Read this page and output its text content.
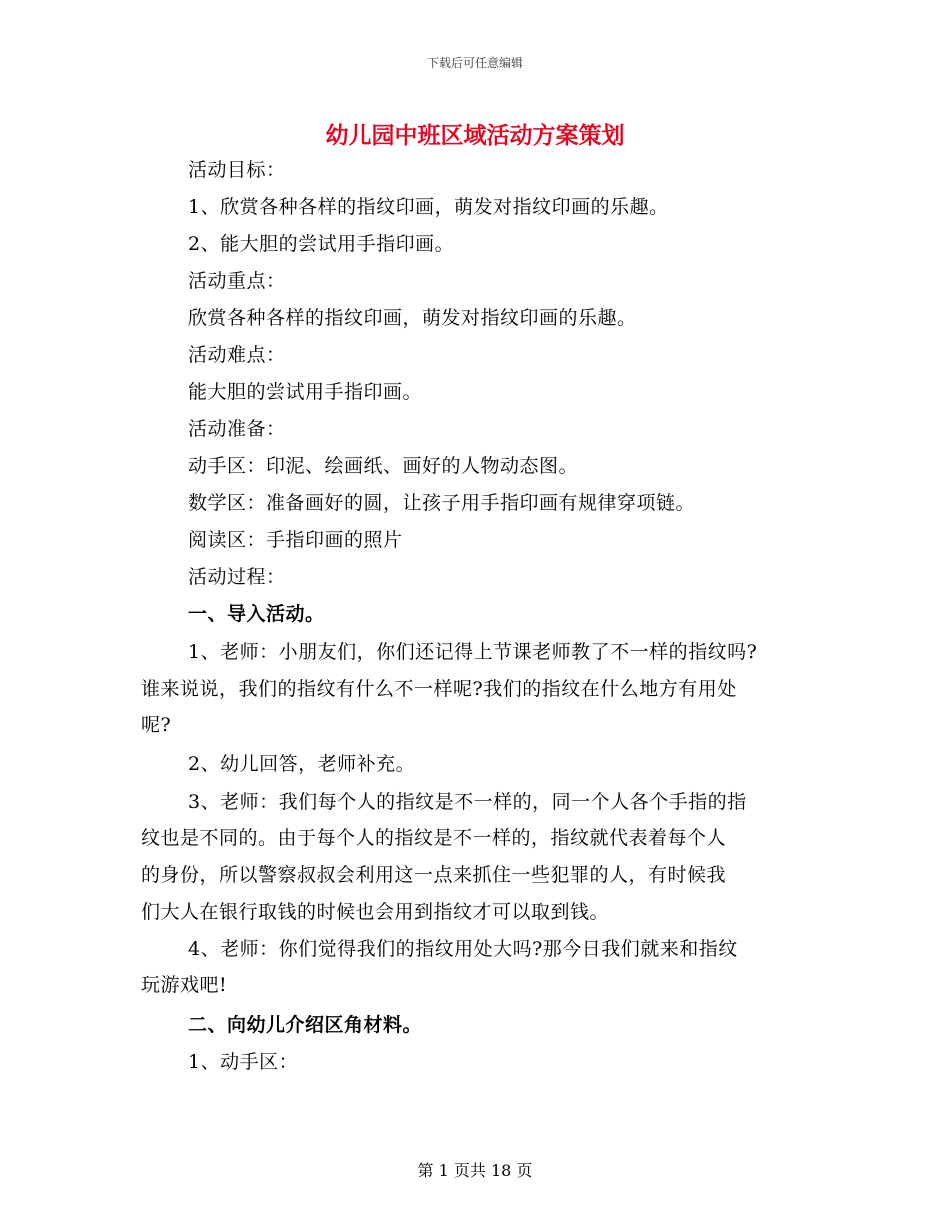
下载后可任意编辑
幼儿园中班区域活动方案策划
活动目标：
1、欣赏各种各样的指纹印画，萌发对指纹印画的乐趣。
2、能大胆的尝试用手指印画。
活动重点：
欣赏各种各样的指纹印画，萌发对指纹印画的乐趣。
活动难点：
能大胆的尝试用手指印画。
活动准备：
动手区：印泥、绘画纸、画好的人物动态图。
数学区：准备画好的圆，让孩子用手指印画有规律穿项链。
阅读区：手指印画的照片
活动过程：
一、导入活动。
1、老师：小朋友们，你们还记得上节课老师教了不一样的指纹吗?
谁来说说，我们的指纹有什么不一样呢?我们的指纹在什么地方有用处
呢?
2、幼儿回答，老师补充。
3、老师：我们每个人的指纹是不一样的，同一个人各个手指的指
纹也是不同的。由于每个人的指纹是不一样的，指纹就代表着每个人
的身份，所以警察叔叔会利用这一点来抓住一些犯罪的人，有时候我
们大人在银行取钱的时候也会用到指纹才可以取到钱。
4、老师：你们觉得我们的指纹用处大吗?那今日我们就来和指纹
玩游戏吧!
二、向幼儿介绍区角材料。
1、动手区：
第 1 页共 18 页
